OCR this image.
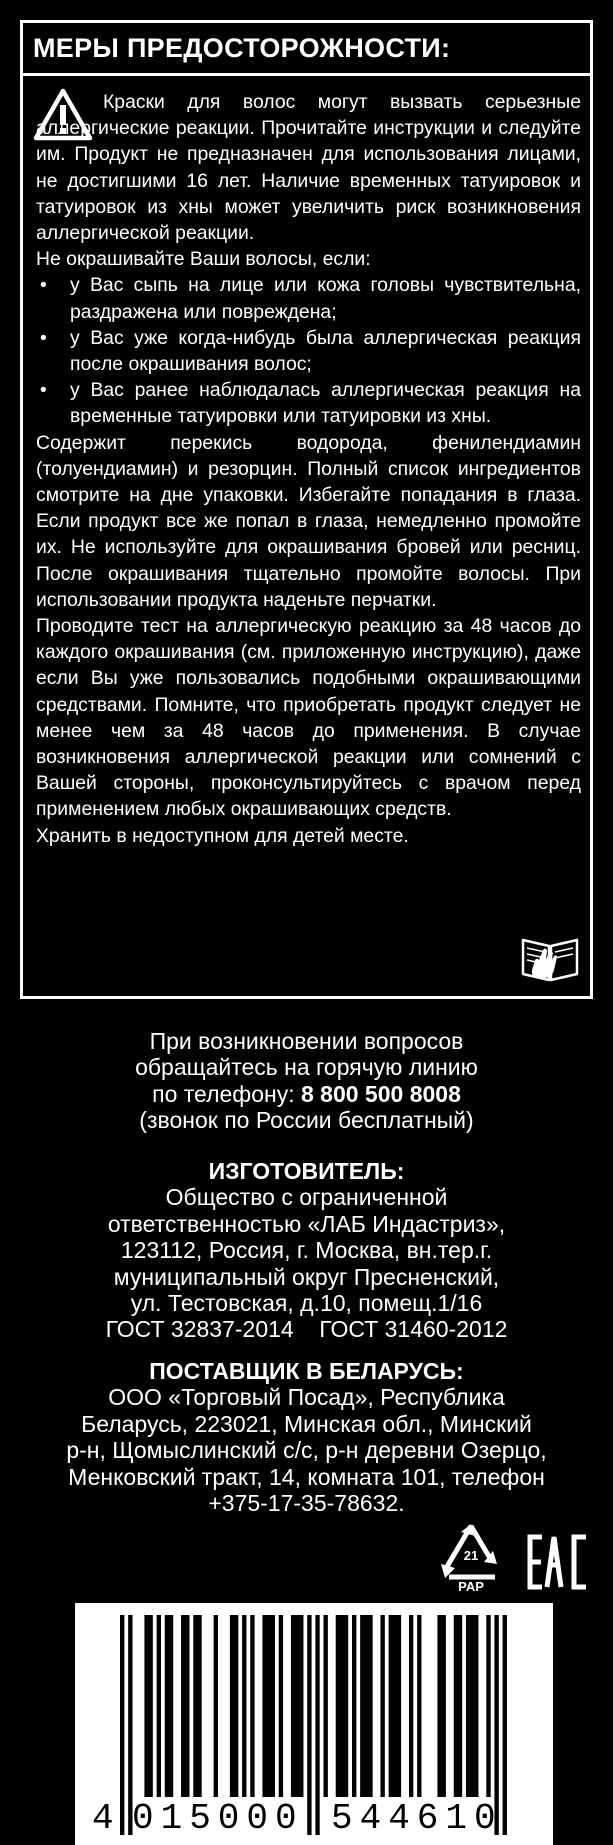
МЕРЫ ПРЕДОСТОРОЖНОСТИ:

Краски для волос могут вызвать серьезные аллергические реакции. Прочитайте инструкции и следуйте им. Продукт не предназначен для использования лицами, не достигшими 16 лет. Наличие временных татуировок и татуировок из хны может увеличить риск возникновения аллергической реакции.

Не окрашивайте Ваши волосы, если:

• у Вас сыпь на лице или кожа головы чувствительна, раздражена или повреждена;
• у Вас уже когда-нибудь была аллергическая реакция после окрашивания волос;
• у Вас ранее наблюдалась аллергическая реакция на временные татуировки или татуировки из хны.

Содержит перекись водорода, фенилендиамин (толуендиамин) и резорцин. Полный список ингредиентов смотрите на дне упаковки. Избегайте попадания в глаза. Если продукт все же попал в глаза, немедленно промойте их. Не используйте для окрашивания бровей или ресниц. После окрашивания тщательно промойте волосы. При использовании продукта наденьте перчатки.

Проводите тест на аллергическую реакцию за 48 часов до каждого окрашивания (см. приложенную инструкцию), даже если Вы уже пользовались подобными окрашивающими средствами. Помните, что приобретать продукт следует не менее чем за 48 часов до применения. В случае возникновения аллергической реакции или сомнений с Вашей стороны, проконсультируйтесь с врачом перед применением любых окрашивающих средств.

Хранить в недоступном для детей месте.

При возникновении вопросов
обращайтесь на горячую линию
по телефону: 8 800 500 8008
(звонок по России бесплатный)
ИЗГОТОВИТЕЛЬ:
Общество с ограниченной
ответственностью «ЛАБ Индастриз»,
123112, Россия, г. Москва, вн.тер.г.
муниципальный округ Пресненский,
ул. Тестовская, д.10, помещ.1/16
ГОСТ 32837-2014    ГОСТ 31460-2012
ПОСТАВЩИК В БЕЛАРУСЬ:
ООО «Торговый Посад», Республика
Беларусь, 223021, Минская обл., Минский
р-н, Щомыслинский с/с, р-н деревни Озерцо,
Менковский тракт, 14, комната 101, телефон
+375-17-35-78632.
21
PAP
4 015000 544610
